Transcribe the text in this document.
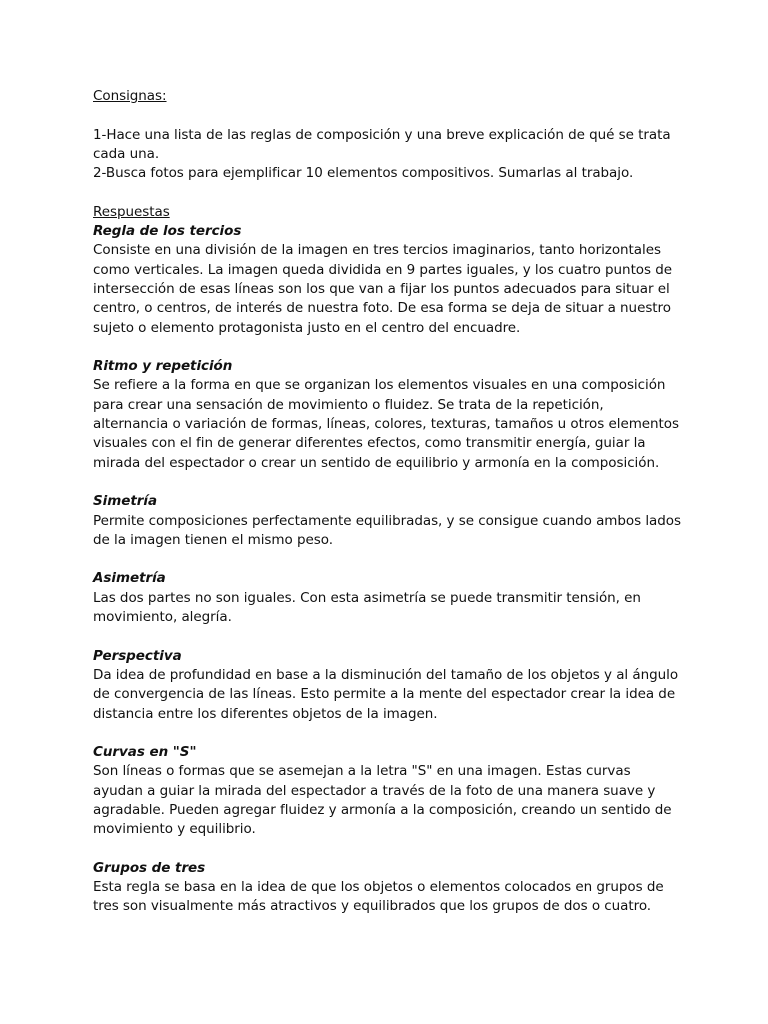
Consignas:

1-Hace una lista de las reglas de composición y una breve explicación de qué se trata cada una.

2-Busca fotos para ejemplificar 10 elementos compositivos. Sumarlas al trabajo.

Respuestas

Regla de los tercios

Consiste en una división de la imagen en tres tercios imaginarios, tanto horizontales como verticales. La imagen queda dividida en 9 partes iguales, y los cuatro puntos de intersección de esas líneas son los que van a fijar los puntos adecuados para situar el centro, o centros, de interés de nuestra foto. De esa forma se deja de situar a nuestro sujeto o elemento protagonista justo en el centro del encuadre.

Ritmo y repetición

Se refiere a la forma en que se organizan los elementos visuales en una composición para crear una sensación de movimiento o fluidez. Se trata de la repetición, alternancia o variación de formas, líneas, colores, texturas, tamaños u otros elementos visuales con el fin de generar diferentes efectos, como transmitir energía, guiar la mirada del espectador o crear un sentido de equilibrio y armonía en la composición.

Simetría

Permite composiciones perfectamente equilibradas, y se consigue cuando ambos lados de la imagen tienen el mismo peso.

Asimetría

Las dos partes no son iguales. Con esta asimetría se puede transmitir tensión, en movimiento, alegría.

Perspectiva

Da idea de profundidad en base a la disminución del tamaño de los objetos y al ángulo de convergencia de las líneas. Esto permite a la mente del espectador crear la idea de distancia entre los diferentes objetos de la imagen.

Curvas en "S"

Son líneas o formas que se asemejan a la letra "S" en una imagen. Estas curvas ayudan a guiar la mirada del espectador a través de la foto de una manera suave y agradable. Pueden agregar fluidez y armonía a la composición, creando un sentido de movimiento y equilibrio.

Grupos de tres

Esta regla se basa en la idea de que los objetos o elementos colocados en grupos de tres son visualmente más atractivos y equilibrados que los grupos de dos o cuatro.
